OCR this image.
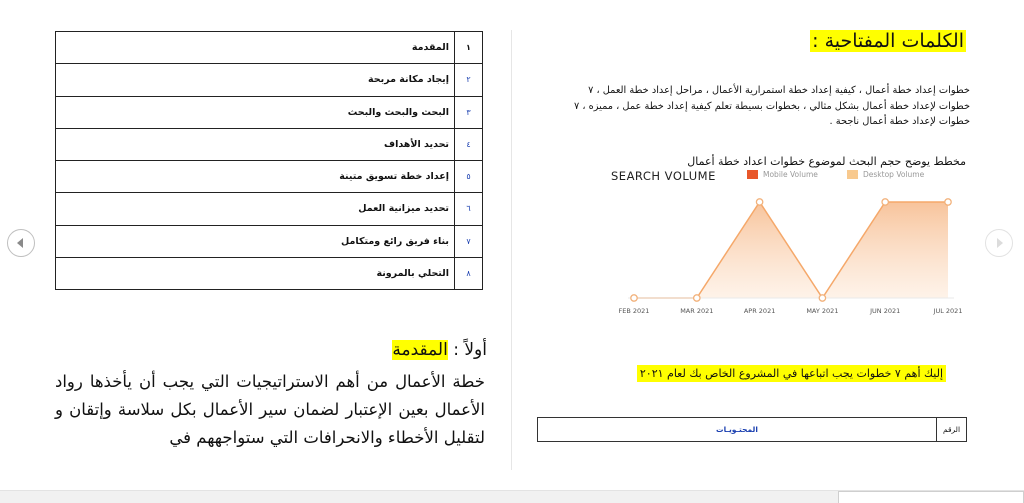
١	المقدمة
٢	إيجاد مكانة مربحة
٣	البحث والبحث والبحث
٤	تحديد الأهداف
٥	إعداد خطة تسويق متينة
٦	تحديد ميزانية العمل
٧	بناء فريق رائع ومتكامل
٨	التحلي بالمرونة
أولاً : المقدمة

خطة الأعمال من أهم الاستراتيجيات التي يجب أن يأخذها رواد الأعمال بعين الإعتبار لضمان سير الأعمال بكل سلاسة وإتقان و لتقليل الأخطاء والانحرافات التي ستواجههم في

الكلمات المفتاحية :

خطوات إعداد خطة أعمال ، كيفية إعداد خطة استمرارية الأعمال ، مراحل إعداد خطة العمل ، ٧ خطوات لإعداد خطة أعمال بشكل مثالي ، بخطوات بسيطة تعلم كيفية إعداد خطة عمل ، مميزه ، ٧ خطوات لإعداد خطة أعمال ناجحة .

مخطط يوضح حجم البحث لموضوع خطوات اعداد خطة أعمال
SEARCH VOLUME	Mobile Volume	Desktop Volume
FEB 2021	MAR 2021	APR 2021	MAY 2021	JUN 2021	JUL 2021
إليك أهم ٧ خطوات يجب اتباعها في المشروع الخاص بك لعام ٢٠٢١
الرقم	المحتـويـات
